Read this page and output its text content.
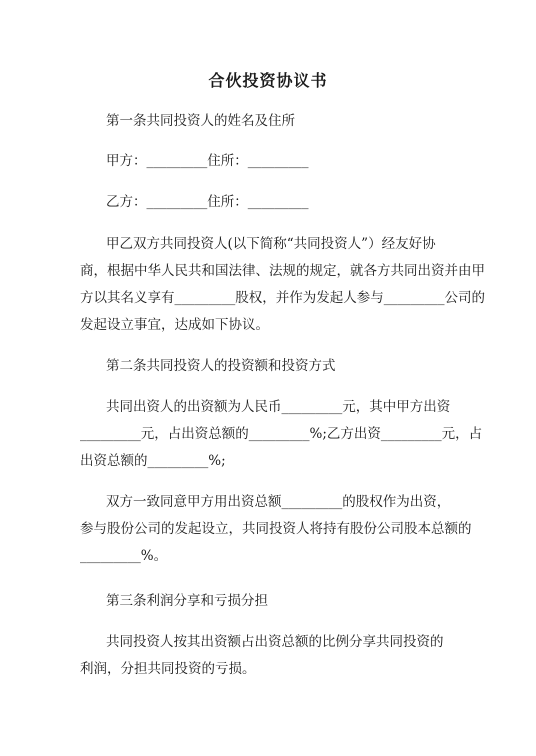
合伙投资协议书
第一条共同投资人的姓名及住所
甲方：_________住所：_________
乙方：_________住所：_________
甲乙双方共同投资人(以下简称“共同投资人”）经友好协
商，根据中华人民共和国法律、法规的规定，就各方共同出资并由甲
方以其名义享有_________股权，并作为发起人参与_________公司的
发起设立事宜，达成如下协议。
第二条共同投资人的投资额和投资方式
共同出资人的出资额为人民币_________元，其中甲方出资
_________元，占出资总额的_________%;乙方出资_________元，占
出资总额的_________%;
双方一致同意甲方用出资总额_________的股权作为出资，
参与股份公司的发起设立，共同投资人将持有股份公司股本总额的
_________%。
第三条利润分享和亏损分担
共同投资人按其出资额占出资总额的比例分享共同投资的
利润，分担共同投资的亏损。
